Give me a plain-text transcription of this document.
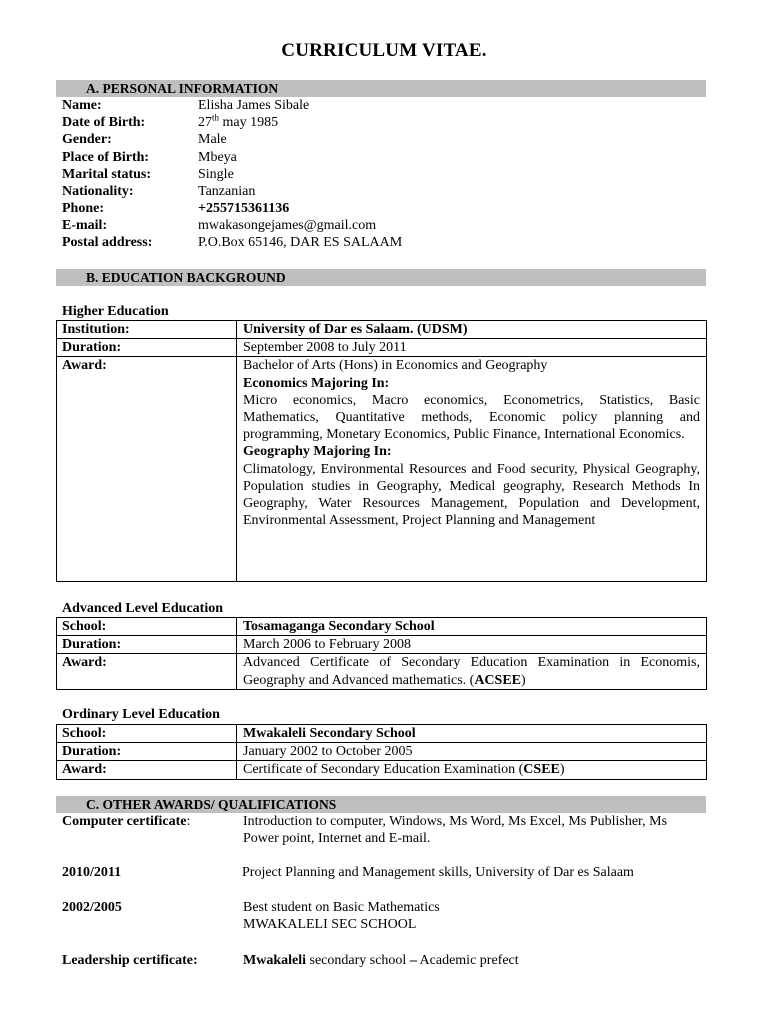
CURRICULUM VITAE.
A. PERSONAL INFORMATION
Name:	Elisha James Sibale
Date of Birth:	27th may 1985
Gender:	Male
Place of Birth:	Mbeya
Marital status:	Single
Nationality:	Tanzanian
Phone:	+255715361136
E-mail:	mwakasongejames@gmail.com
Postal address:	P.O.Box 65146, DAR ES SALAAM
B. EDUCATION BACKGROUND
Higher Education
Institution:	University of Dar es Salaam. (UDSM)
Duration:	September 2008 to July 2011
Award:	Bachelor of Arts (Hons) in Economics and Geography
Economics Majoring In:
Micro economics, Macro economics, Econometrics, Statistics, Basic Mathematics, Quantitative methods, Economic policy planning and programming, Monetary Economics, Public Finance, International Economics.
Geography Majoring In:
Climatology, Environmental Resources and Food security, Physical Geography, Population studies in Geography, Medical geography, Research Methods In Geography, Water Resources Management, Population and Development, Environmental Assessment, Project Planning and Management
Advanced Level Education
School:	Tosamaganga Secondary School
Duration:	March 2006 to February 2008
Award:	Advanced Certificate of Secondary Education Examination in Economis, Geography and Advanced mathematics. (ACSEE)
Ordinary Level Education
School:	Mwakaleli Secondary School
Duration:	January 2002 to October 2005
Award:	Certificate of Secondary Education Examination (CSEE)
C. OTHER AWARDS/ QUALIFICATIONS
Computer certificate:	Introduction to computer, Windows, Ms Word, Ms Excel, Ms Publisher, Ms Power point, Internet and E-mail.
2010/2011	Project Planning and Management skills, University of Dar es Salaam
2002/2005	Best student on Basic Mathematics
MWAKALELI SEC SCHOOL
Leadership certificate:	Mwakaleli secondary school – Academic prefect
